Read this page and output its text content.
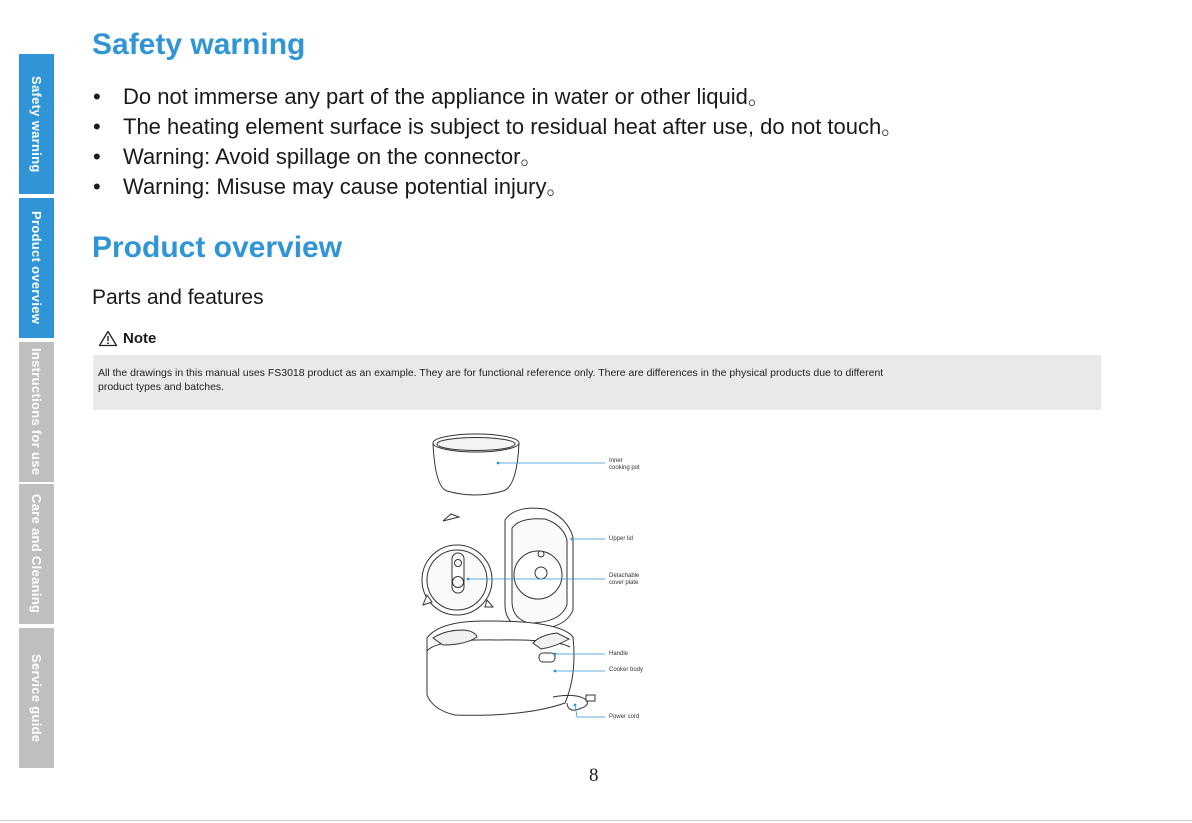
Safety warning
Product overview
Instructions for use
Care and Cleaning
Service guide
Safety warning
• Do not immerse any part of the appliance in water or other liquid。
• The heating element surface is subject to residual heat after use, do not touch。
• Warning: Avoid spillage on the connector。
• Warning: Misuse may cause potential injury。
Product overview
Parts and features
Note
All the drawings in this manual uses FS3018 product as an example. They are for functional reference only. There are differences in the physical products due to different product types and batches.
Inner
cooking pot
Upper lid
Detachable
cover plate
Handle
Cooker body
Power cord
8
